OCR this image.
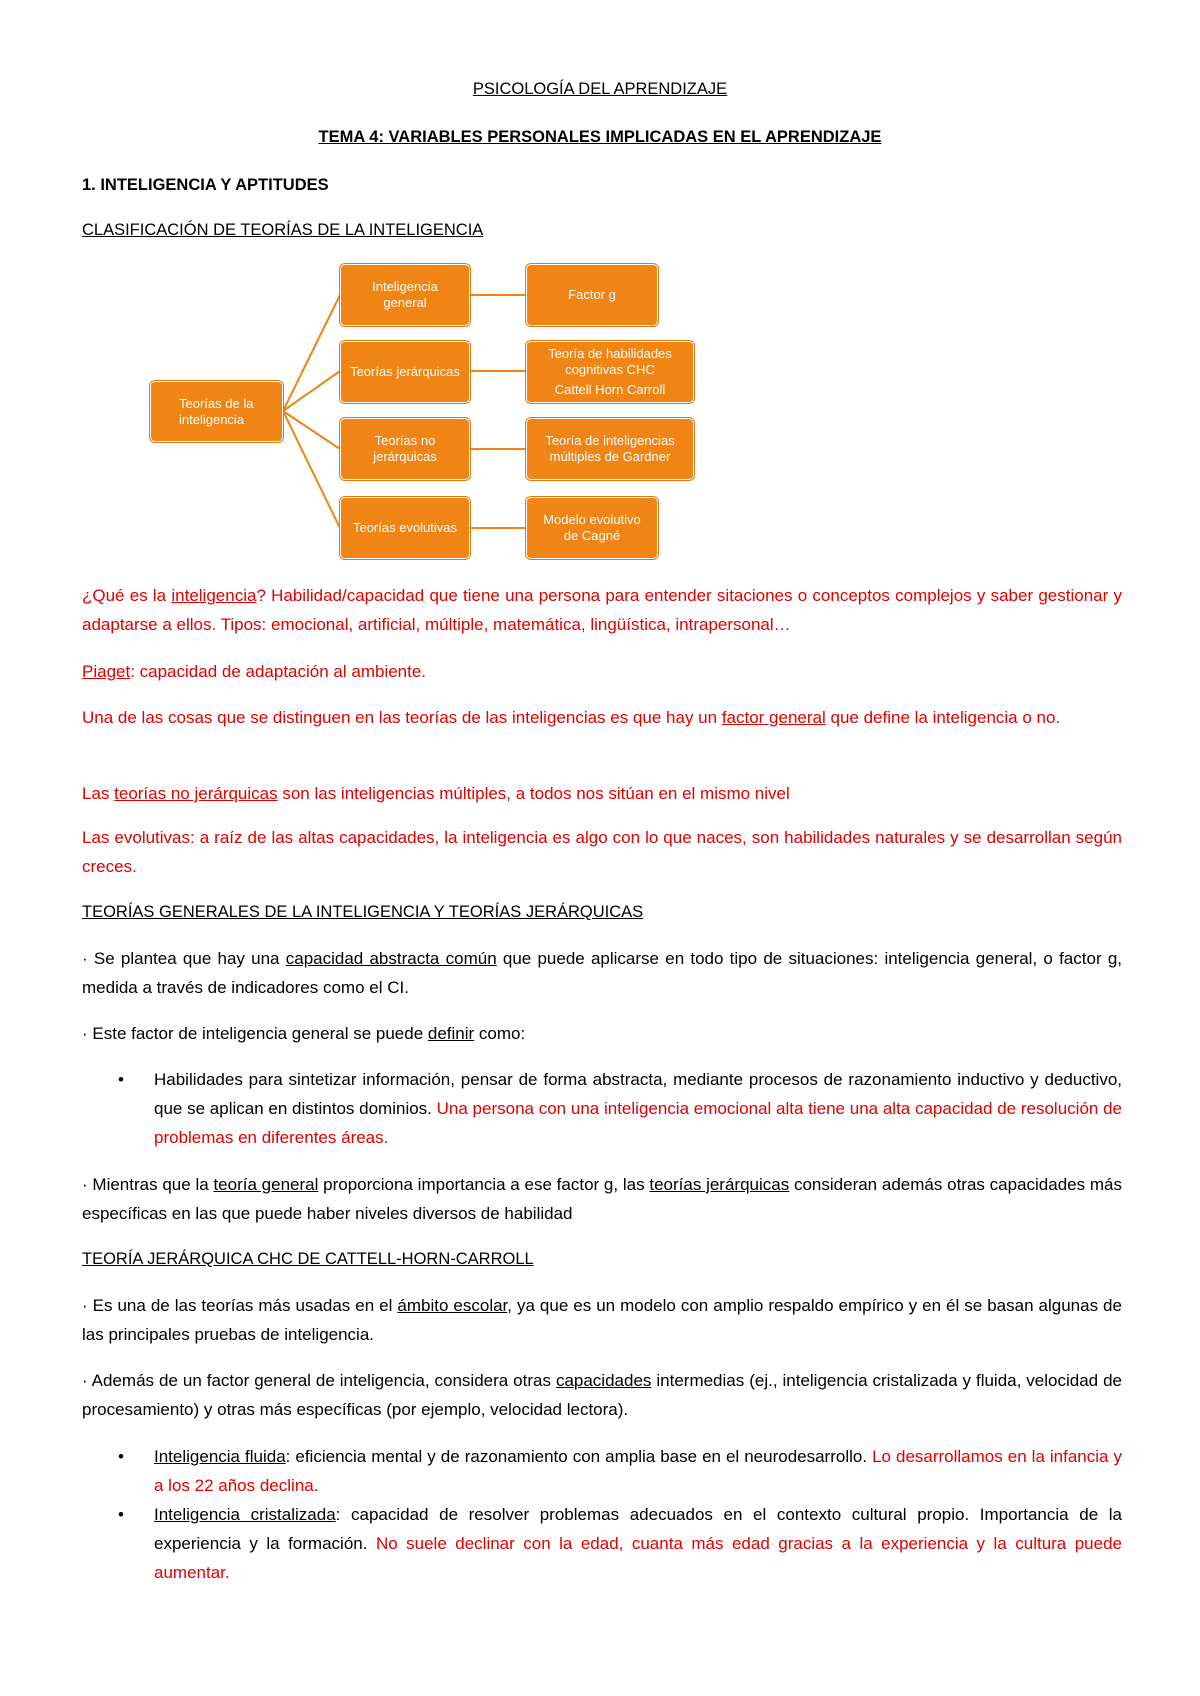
PSICOLOGÍA DEL APRENDIZAJE
TEMA 4: VARIABLES PERSONALES IMPLICADAS EN EL APRENDIZAJE
1. INTELIGENCIA Y APTITUDES
CLASIFICACIÓN DE TEORÍAS DE LA INTELIGENCIA
Teorías de la inteligencia
Inteligencia general
Teorías jerárquicas
Teorías no jerárquicas
Teorías evolutivas
Factor g
Teoría de habilidades cognitivas CHC
Cattell Horn Carroll
Teoría de inteligencias múltiples de Gardner
Modelo evolutivo de Cagné

¿Qué es la inteligencia? Habilidad/capacidad que tiene una persona para entender sitaciones o conceptos complejos y saber gestionar y adaptarse a ellos. Tipos: emocional, artificial, múltiple, matemática, lingüística, intrapersonal…

Piaget: capacidad de adaptación al ambiente.

Una de las cosas que se distinguen en las teorías de las inteligencias es que hay un factor general que define la inteligencia o no.

Las teorías no jerárquicas son las inteligencias múltiples, a todos nos sitúan en el mismo nivel

Las evolutivas: a raíz de las altas capacidades, la inteligencia es algo con lo que naces, son habilidades naturales y se desarrollan según creces.

TEORÍAS GENERALES DE LA INTELIGENCIA Y TEORÍAS JERÁRQUICAS

· Se plantea que hay una capacidad abstracta común que puede aplicarse en todo tipo de situaciones: inteligencia general, o factor g, medida a través de indicadores como el CI.

· Este factor de inteligencia general se puede definir como:

• Habilidades para sintetizar información, pensar de forma abstracta, mediante procesos de razonamiento inductivo y deductivo, que se aplican en distintos dominios. Una persona con una inteligencia emocional alta tiene una alta capacidad de resolución de problemas en diferentes áreas.

· Mientras que la teoría general proporciona importancia a ese factor g, las teorías jerárquicas consideran además otras capacidades más específicas en las que puede haber niveles diversos de habilidad

TEORÍA JERÁRQUICA CHC DE CATTELL-HORN-CARROLL

· Es una de las teorías más usadas en el ámbito escolar, ya que es un modelo con amplio respaldo empírico y en él se basan algunas de las principales pruebas de inteligencia.

· Además de un factor general de inteligencia, considera otras capacidades intermedias (ej., inteligencia cristalizada y fluida, velocidad de procesamiento) y otras más específicas (por ejemplo, velocidad lectora).

• Inteligencia fluida: eficiencia mental y de razonamiento con amplia base en el neurodesarrollo. Lo desarrollamos en la infancia y a los 22 años declina.
• Inteligencia cristalizada: capacidad de resolver problemas adecuados en el contexto cultural propio. Importancia de la experiencia y la formación. No suele declinar con la edad, cuanta más edad gracias a la experiencia y la cultura puede aumentar.
